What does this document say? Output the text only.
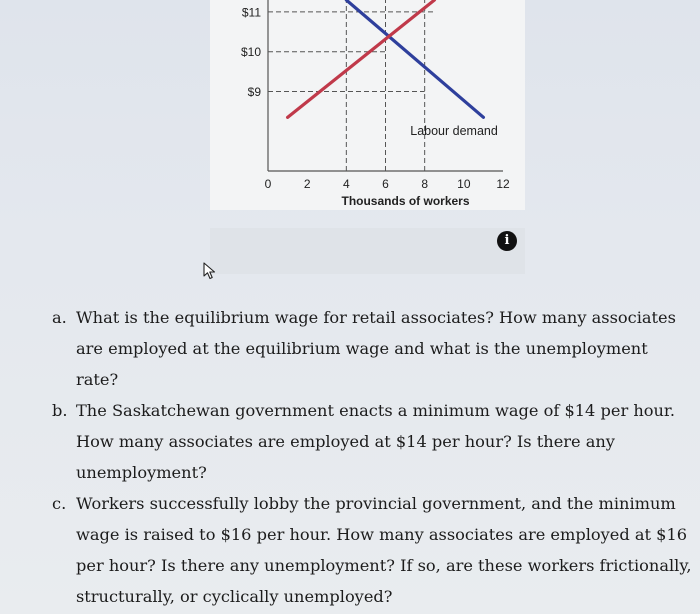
0	2	4	6	8 10 12
$9
$10
$11
Labour demand
Thousands of workers
i
a. What is the equilibrium wage for retail associates? How many associates are employed at the equilibrium wage and what is the unemployment rate?
b. The Saskatchewan government enacts a minimum wage of $14 per hour. How many associates are employed at $14 per hour? Is there any unemployment?
c. Workers successfully lobby the provincial government, and the minimum wage is raised to $16 per hour. How many associates are employed at $16 per hour? Is there any unemployment? If so, are these workers frictionally, structurally, or cyclically unemployed?
